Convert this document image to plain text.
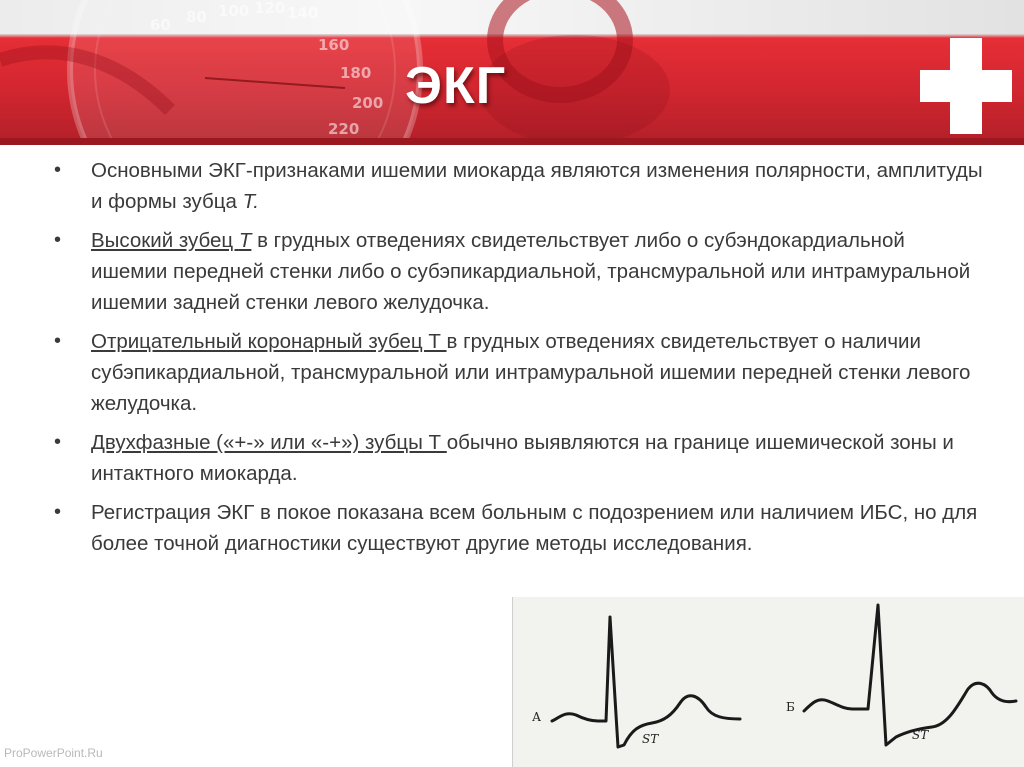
80 100 120 140
160
180
200
220
60
ЭКГ
• Основными ЭКГ-признаками ишемии миокарда являются изменения полярности, амплитуды и формы зубца Т.
• Высокий зубец Т в грудных отведениях свидетельствует либо о субэндокардиальной ишемии передней стенки либо о субэпикардиальной, трансмуральной или интрамуральной ишемии задней стенки левого желудочка.
• Отрицательный коронарный зубец Т в грудных отведениях свидетельствует о наличии субэпикардиальной, трансмуральной или интрамуральной ишемии передней стенки левого желудочка.
• Двухфазные («+-» или «-+») зубцы Т обычно выявляются на границе ишемической зоны и интактного миокарда.
• Регистрация ЭКГ в покое показана всем больным с подозрением или наличием ИБС, но для более точной диагностики существуют другие методы исследования.
А
ST
Б
ST
ProPowerPoint.Ru
